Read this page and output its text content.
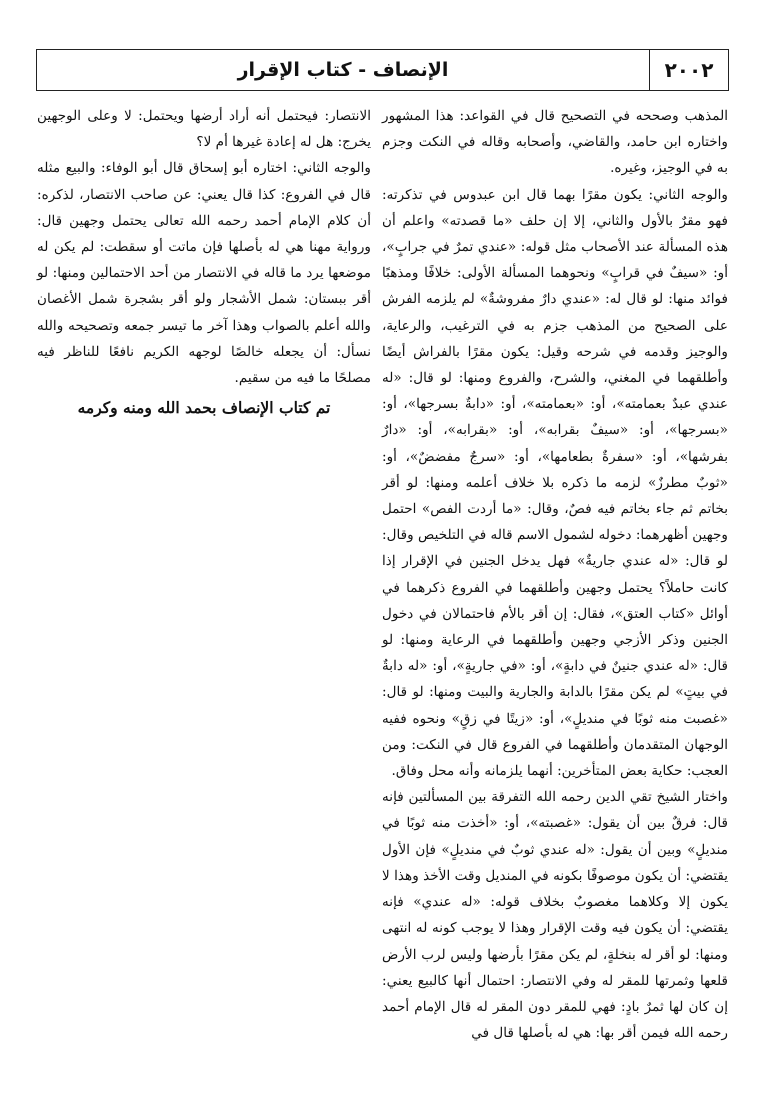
٢٠٠٢
الإنصاف - كتاب الإقرار

المذهب وصححه في التصحيح قال في القواعد: هذا المشهور واختاره ابن حامد، والقاضي، وأصحابه وقاله في النكت وجزم به في الوجيز، وغيره.

والوجه الثاني: يكون مقرًا بهما قال ابن عبدوس في تذكرته: فهو مقرٌ بالأول والثاني، إلا إن حلف «ما قصدته» واعلم أن هذه المسألة عند الأصحاب مثل قوله: «عندي تمرٌ في جرابٍ»، أو: «سيفٌ في قرابٍ» ونحوهما المسألة الأولى: خلافًا ومذهبًا فوائد منها: لو قال له: «عندي دارٌ مفروشةٌ» لم يلزمه الفرش على الصحيح من المذهب جزم به في الترغيب، والرعاية، والوجيز وقدمه في شرحه وقيل: يكون مقرًا بالفراش أيضًا وأطلقهما في المغني، والشرح، والفروع ومنها: لو قال: «له عندي عبدٌ بعمامته»، أو: «بعمامته»، أو: «دابةٌ بسرجها»، أو: «بسرجها»، أو: «سيفٌ بقرابه»، أو: «بقرابه»، أو: «دارٌ بفرشها»، أو: «سفرةٌ بطعامها»، أو: «سرجٌ مفضضٌ»، أو: «ثوبٌ مطرزٌ» لزمه ما ذكره بلا خلاف أعلمه ومنها: لو أقر بخاتم ثم جاء بخاتم فيه فصٌ، وقال: «ما أردت الفص» احتمل وجهين أظهرهما: دخوله لشمول الاسم قاله في التلخيص وقال: لو قال: «له عندي جاريةٌ» فهل يدخل الجنين في الإقرار إذا كانت حاملاً؟ يحتمل وجهين وأطلقهما في الفروع ذكرهما في أوائل «كتاب العتق»، فقال: إن أقر بالأم فاحتمالان في دخول الجنين وذكر الأزجي وجهين وأطلقهما في الرعاية ومنها: لو قال: «له عندي جنينٌ في دابةٍ»، أو: «في جاريةٍ»، أو: «له دابةٌ في بيتٍ» لم يكن مقرًا بالدابة والجارية والبيت ومنها: لو قال: «غصبت منه ثوبًا في منديلٍ»، أو: «زيتًا في زقٍ» ونحوه ففيه الوجهان المتقدمان وأطلقهما في الفروع قال في النكت: ومن العجب: حكاية بعض المتأخرين: أنهما يلزمانه وأنه محل وفاق.

واختار الشيخ تقي الدين رحمه الله التفرقة بين المسألتين فإنه قال: فرقٌ بين أن يقول: «غصبته»، أو: «أخذت منه ثوبًا في منديلٍ» وبين أن يقول: «له عندي ثوبٌ في منديلٍ» فإن الأول يقتضي: أن يكون موصوفًا بكونه في المنديل وقت الأخذ وهذا لا يكون إلا وكلاهما مغصوبٌ بخلاف قوله: «له عندي» فإنه يقتضي: أن يكون فيه وقت الإقرار وهذا لا يوجب كونه له انتهى ومنها: لو أقر له بنخلةٍ، لم يكن مقرًا بأرضها وليس لرب الأرض قلعها وثمرتها للمقر له وفي الانتصار: احتمال أنها كالبيع يعني: إن كان لها ثمرٌ بادٍ: فهي للمقر دون المقر له قال الإمام أحمد رحمه الله فيمن أقر بها: هي له بأصلها قال في

الانتصار: فيحتمل أنه أراد أرضها ويحتمل: لا وعلى الوجهين يخرج: هل له إعادة غيرها أم لا؟

والوجه الثاني: اختاره أبو إسحاق قال أبو الوفاء: والبيع مثله قال في الفروع: كذا قال يعني: عن صاحب الانتصار، لذكره: أن كلام الإمام أحمد رحمه الله تعالى يحتمل وجهين قال: ورواية مهنا هي له بأصلها فإن ماتت أو سقطت: لم يكن له موضعها يرد ما قاله في الانتصار من أحد الاحتمالين ومنها: لو أقر ببستان: شمل الأشجار ولو أقر بشجرة شمل الأغصان والله أعلم بالصواب وهذا آخر ما تيسر جمعه وتصحيحه والله نسأل: أن يجعله خالصًا لوجهه الكريم نافعًا للناظر فيه مصلحًا ما فيه من سقيم.

تم كتاب الإنصاف بحمد الله ومنه وكرمه
